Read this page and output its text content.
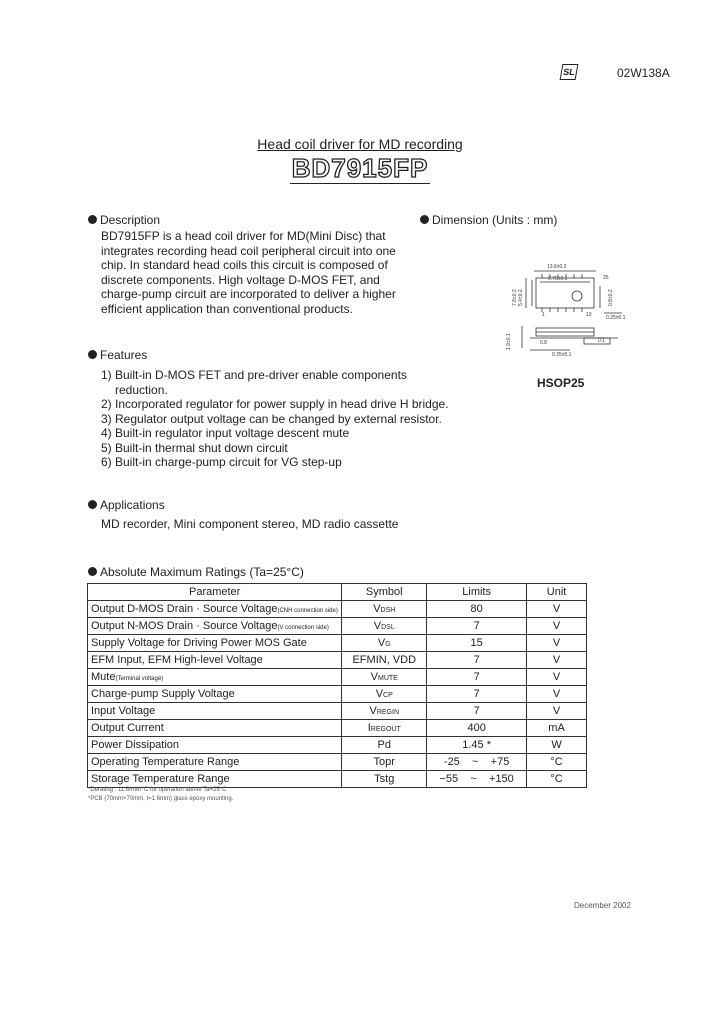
SL	02W138A
Head coil driver for MD recording
BD7915FP
Description
BD7915FP is a head coil driver for MD(Mini Disc) that
integrates recording head coil peripheral circuit into one
chip. In standard head coils this circuit is composed of
discrete components. High voltage D-MOS FET, and
charge-pump circuit are incorporated to deliver a higher
efficient application than conventional products.
Dimension (Units : mm)
13.6±0.2
2.75±0.1
7.8±0.3 5.4±0.2	0.8±0.2
0.25±0.1
1.9±0.1	0.8
0.35±0.1
0.1
1
25
13
HSOP25
Features
1) Built-in D-MOS FET and pre-driver enable components
reduction.
2) Incorporated regulator for power supply in head drive H bridge.
3) Regulator output voltage can be changed by external resistor.
4) Built-in regulator input voltage descent mute
5) Built-in thermal shut down circuit
6) Built-in charge-pump circuit for VG step-up
Applications
MD recorder, Mini component stereo, MD radio cassette
Absolute Maximum Ratings (Ta=25°C)
Parameter	Symbol	Limits	Unit
Output D-MOS Drain · Source Voltage(CNH connection side)	VDSH	80	V
Output N-MOS Drain · Source Voltage(V connection side)	VDSL	7	V
Supply Voltage for Driving Power MOS Gate	VG	15	V
EFM Input, EFM High-level Voltage	EFMIN, VDD	7	V
Mute(Terminal voltage)	VMUTE	7	V
Charge-pump Supply Voltage	VCP	7	V
Input Voltage	VREGIN	7	V
Output Current	IREGOUT	400	mA
Power Dissipation	Pd	1.45 *	W
Operating Temperature Range	Topr	-25    ~    +75	°C
Storage Temperature Range	Tstg	−55    ~    +150	°C
*Derating : 11.6mW/°C for operation above Ta=25°C
*PCB (70mm×70mm, t=1.6mm) glass epoxy mounting.
December 2002
